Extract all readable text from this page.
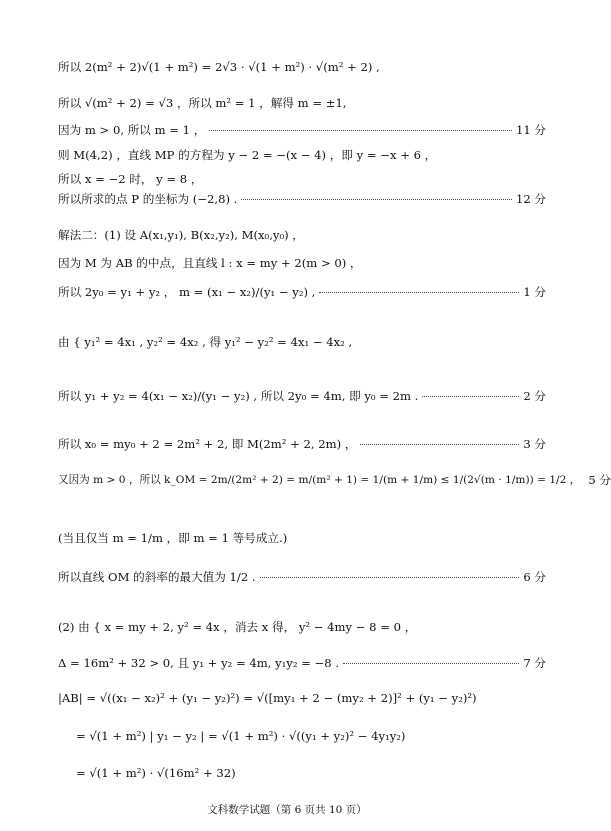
所以 2(m² + 2)√(1 + m²) = 2√3 · √(1 + m²) · √(m² + 2) ,
所以 √(m² + 2) = √3 ，所以 m² = 1 ，解得 m = ±1,
因为 m > 0, 所以 m = 1 ，	11 分
则 M(4,2) ，直线 MP 的方程为 y − 2 = −(x − 4) ，即 y = −x + 6 ，
所以 x = −2 时， y = 8 ，
所以所求的点 P 的坐标为 (−2,8) .	12 分
解法二：(1) 设 A(x₁,y₁), B(x₂,y₂), M(x₀,y₀) ，
因为 M 为 AB 的中点，且直线 l : x = my + 2(m > 0) ，
所以 2y₀ = y₁ + y₂ ， m = (x₁ − x₂)/(y₁ − y₂) ,	1 分
由 { y₁² = 4x₁ , y₂² = 4x₂ , 得 y₁² − y₂² = 4x₁ − 4x₂ ,
所以 y₁ + y₂ = 4(x₁ − x₂)/(y₁ − y₂) , 所以 2y₀ = 4m, 即 y₀ = 2m .	2 分
所以 x₀ = my₀ + 2 = 2m² + 2, 即 M(2m² + 2, 2m) ，	3 分
又因为 m > 0 ，所以 k_OM = 2m/(2m² + 2) = m/(m² + 1) = 1/(m + 1/m) ≤ 1/(2√(m · 1/m)) = 1/2 ， 5 分
(当且仅当 m = 1/m ，即 m = 1 等号成立.)
所以直线 OM 的斜率的最大值为 1/2 .	6 分
(2) 由 { x = my + 2, y² = 4x ，消去 x 得， y² − 4my − 8 = 0 ，
Δ = 16m² + 32 > 0, 且 y₁ + y₂ = 4m, y₁y₂ = −8 .	7 分
|AB| = √((x₁ − x₂)² + (y₁ − y₂)²) = √([my₁ + 2 − (my₂ + 2)]² + (y₁ − y₂)²)
= √(1 + m²) | y₁ − y₂ | = √(1 + m²) · √((y₁ + y₂)² − 4y₁y₂)
= √(1 + m²) · √(16m² + 32)
文科数学试题（第 6 页共 10 页）
